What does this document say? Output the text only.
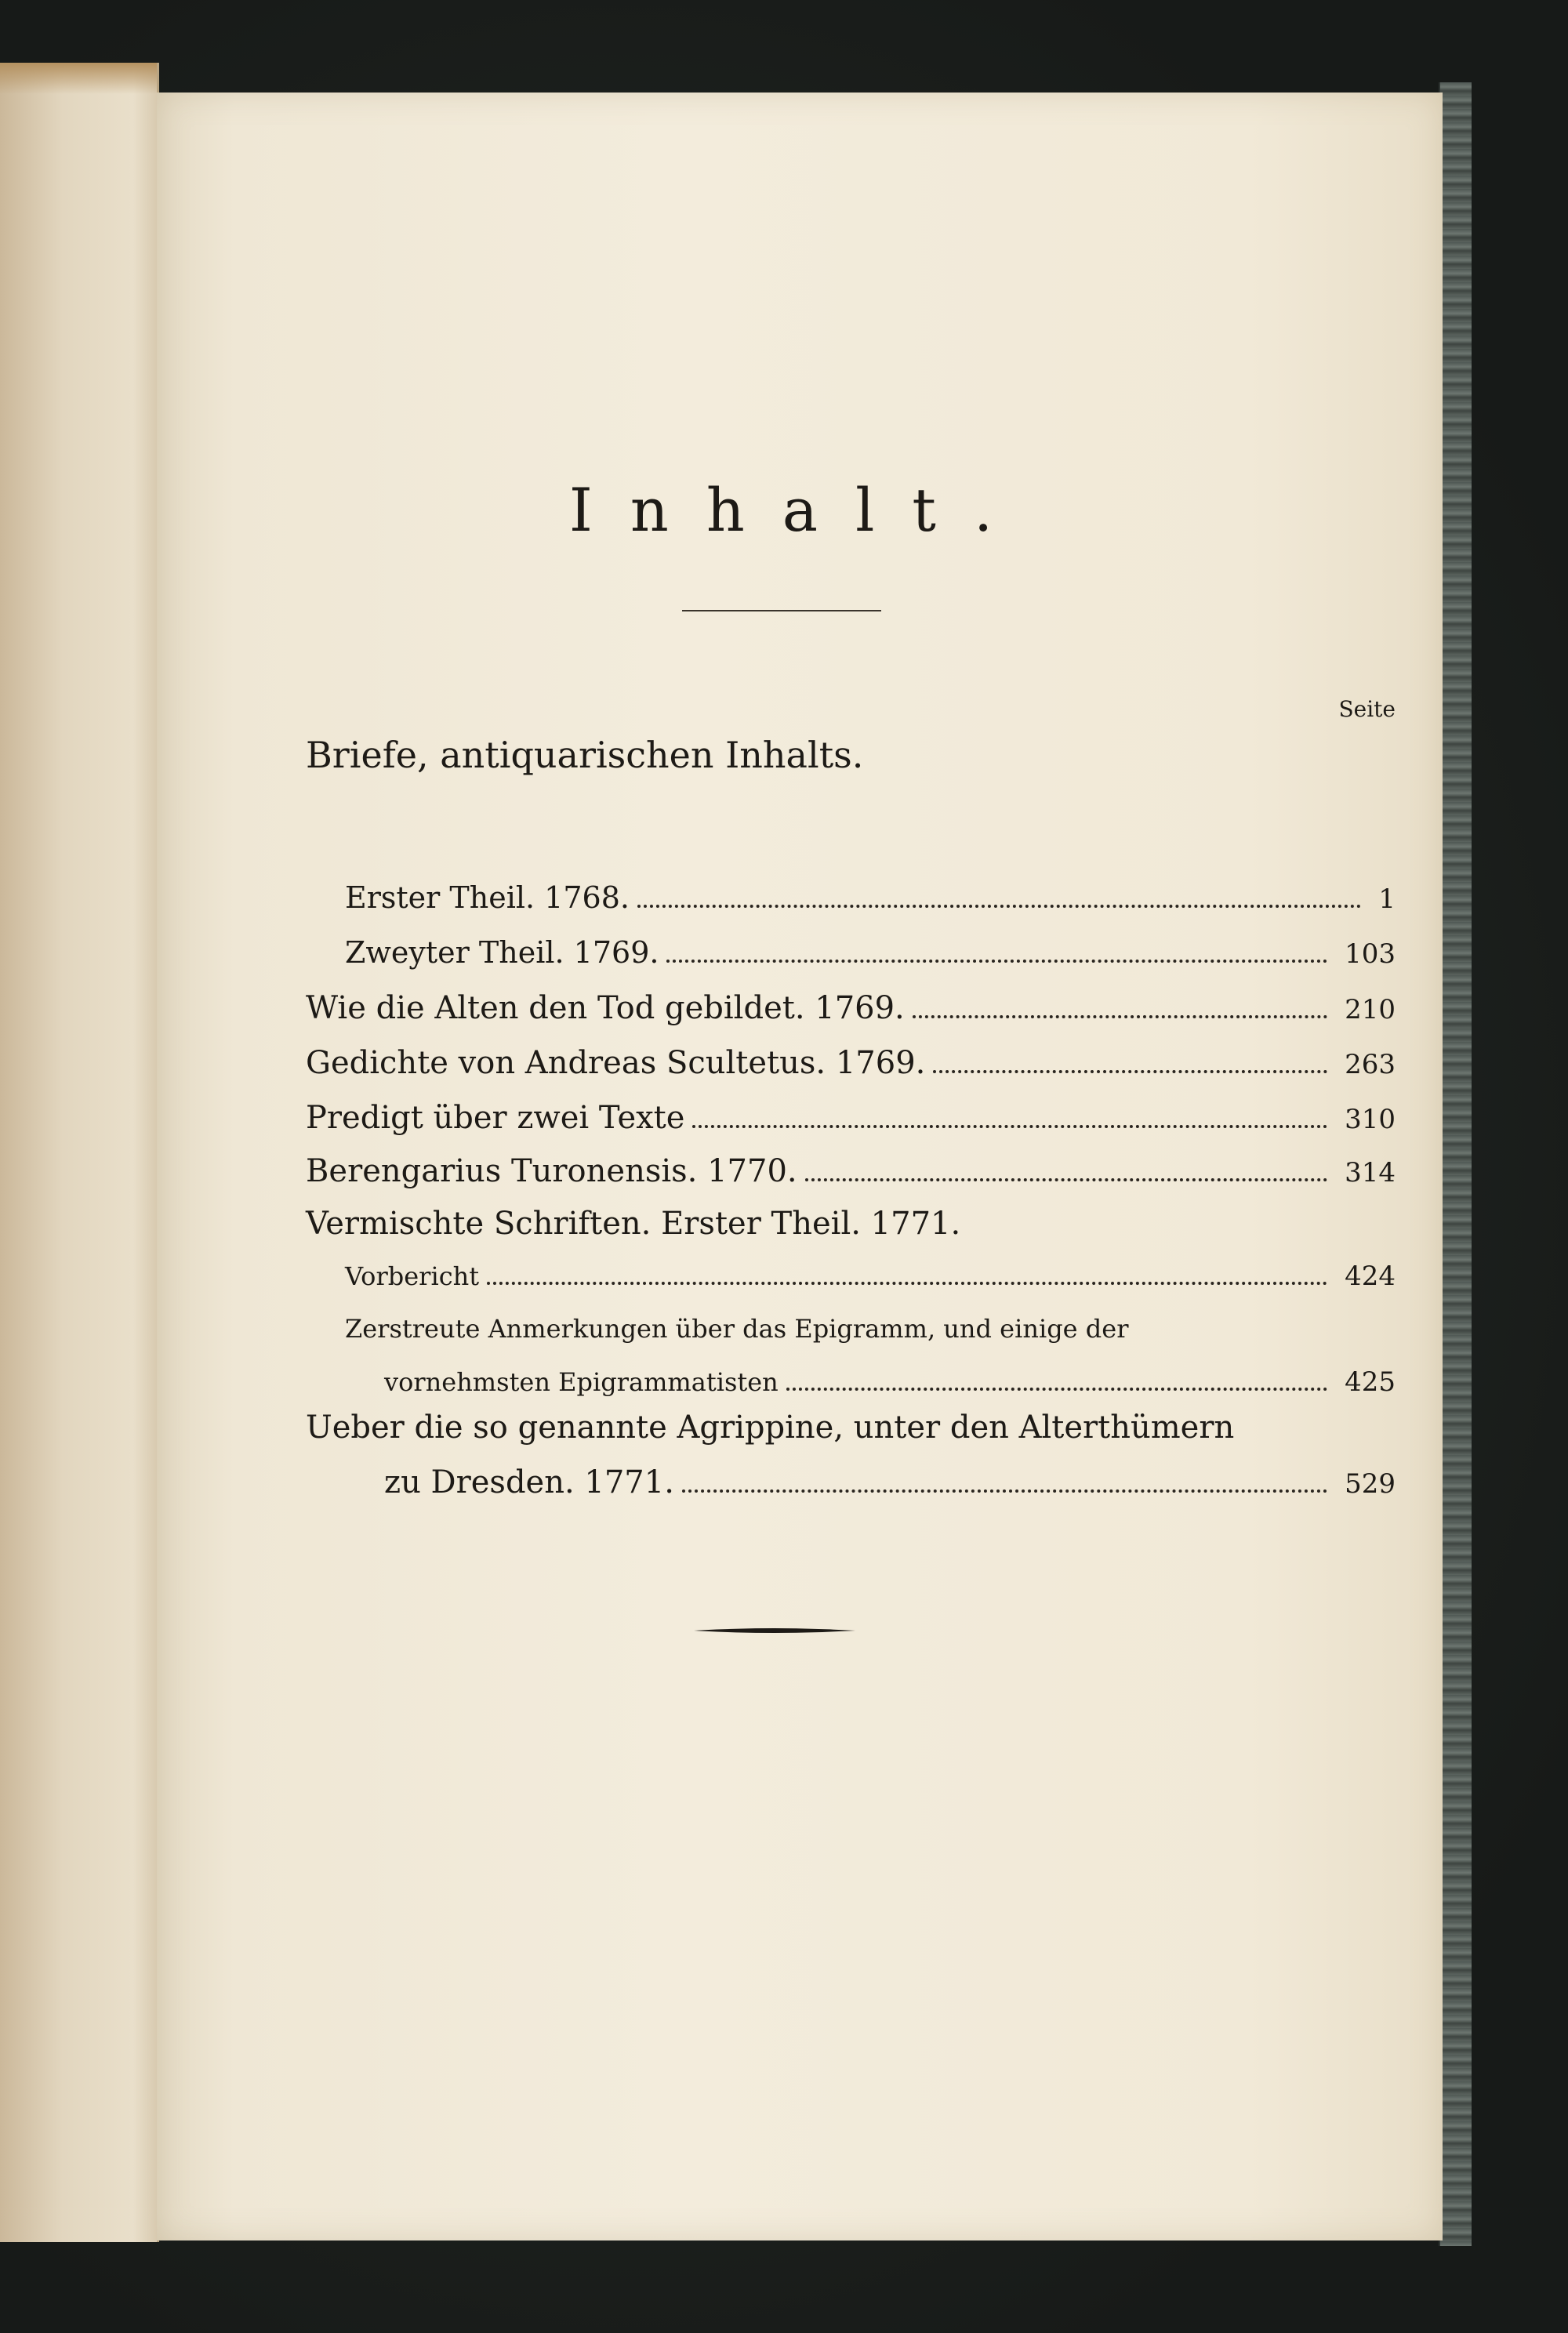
Inhalt.
Seite
Briefe, antiquarischen Inhalts.
Erster Theil. 1768.	1
Zweyter Theil. 1769.	103
Wie die Alten den Tod gebildet. 1769.	210
Gedichte von Andreas Scultetus. 1769.	263
Predigt über zwei Texte	310
Berengarius Turonensis. 1770.	314
Vermischte Schriften. Erster Theil. 1771.
Vorbericht	424
Zerstreute Anmerkungen über das Epigramm, und einige der
vornehmsten Epigrammatisten	425
Ueber die so genannte Agrippine, unter den Alterthümern
zu Dresden. 1771.	529
